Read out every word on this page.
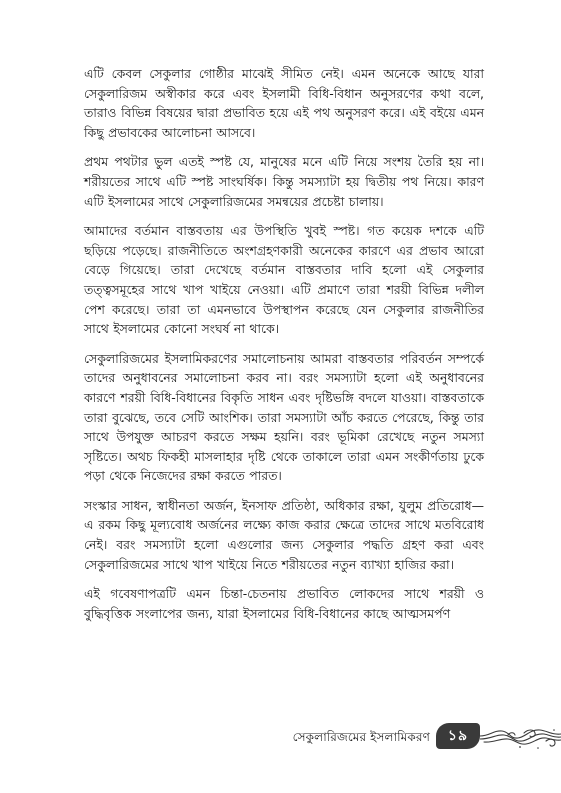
এটি কেবল সেকুলার গোষ্ঠীর মাঝেই সীমিত নেই। এমন অনেকে আছে যারা সেকুলারিজম অস্বীকার করে এবং ইসলামী বিধি-বিধান অনুসরণের কথা বলে, তারাও বিভিন্ন বিষয়ের দ্বারা প্রভাবিত হয়ে এই পথ অনুসরণ করে। এই বইয়ে এমন কিছু প্রভাবকের আলোচনা আসবে।

প্রথম পথটার ভুল এতই স্পষ্ট যে, মানুষের মনে এটি নিয়ে সংশয় তৈরি হয় না। শরীয়তের সাথে এটি স্পষ্ট সাংঘর্ষিক। কিন্তু সমস্যাটা হয় দ্বিতীয় পথ নিয়ে। কারণ এটি ইসলামের সাথে সেকুলারিজমের সমন্বয়ের প্রচেষ্টা চালায়।

আমাদের বর্তমান বাস্তবতায় এর উপস্থিতি খুবই স্পষ্ট। গত কয়েক দশকে এটি ছড়িয়ে পড়েছে। রাজনীতিতে অংশগ্রহণকারী অনেকের কারণে এর প্রভাব আরো বেড়ে গিয়েছে। তারা দেখেছে বর্তমান বাস্তবতার দাবি হলো এই সেকুলার তত্ত্বসমূহের সাথে খাপ খাইয়ে নেওয়া। এটি প্রমাণে তারা শরয়ী বিভিন্ন দলীল পেশ করেছে। তারা তা এমনভাবে উপস্থাপন করেছে যেন সেকুলার রাজনীতির সাথে ইসলামের কোনো সংঘর্ষ না থাকে।

সেকুলারিজমের ইসলামিকরণের সমালোচনায় আমরা বাস্তবতার পরিবর্তন সম্পর্কে তাদের অনুধাবনের সমালোচনা করব না। বরং সমস্যাটা হলো এই অনুধাবনের কারণে শরয়ী বিধি-বিধানের বিকৃতি সাধন এবং দৃষ্টিভঙ্গি বদলে যাওয়া। বাস্তবতাকে তারা বুঝেছে, তবে সেটি আংশিক। তারা সমস্যাটা আঁচ করতে পেরেছে, কিন্তু তার সাথে উপযুক্ত আচরণ করতে সক্ষম হয়নি। বরং ভূমিকা রেখেছে নতুন সমস্যা সৃষ্টিতে। অথচ ফিকহী মাসলাহার দৃষ্টি থেকে তাকালে তারা এমন সংকীর্ণতায় ঢুকে পড়া থেকে নিজেদের রক্ষা করতে পারত।

সংস্কার সাধন, স্বাধীনতা অর্জন, ইনসাফ প্রতিষ্ঠা, অধিকার রক্ষা, যুলুম প্রতিরোধ—এ রকম কিছু মূল্যবোধ অর্জনের লক্ষ্যে কাজ করার ক্ষেত্রে তাদের সাথে মতবিরোধ নেই। বরং সমস্যাটা হলো এগুলোর জন্য সেকুলার পদ্ধতি গ্রহণ করা এবং সেকুলারিজমের সাথে খাপ খাইয়ে নিতে শরীয়তের নতুন ব্যাখ্যা হাজির করা।

এই গবেষণাপত্রটি এমন চিন্তা-চেতনায় প্রভাবিত লোকদের সাথে শরয়ী ও বুদ্ধিবৃত্তিক সংলাপের জন্য, যারা ইসলামের বিধি-বিধানের কাছে আত্মসমর্পণ

সেকুলারিজমের ইসলামিকরণ	১৯
